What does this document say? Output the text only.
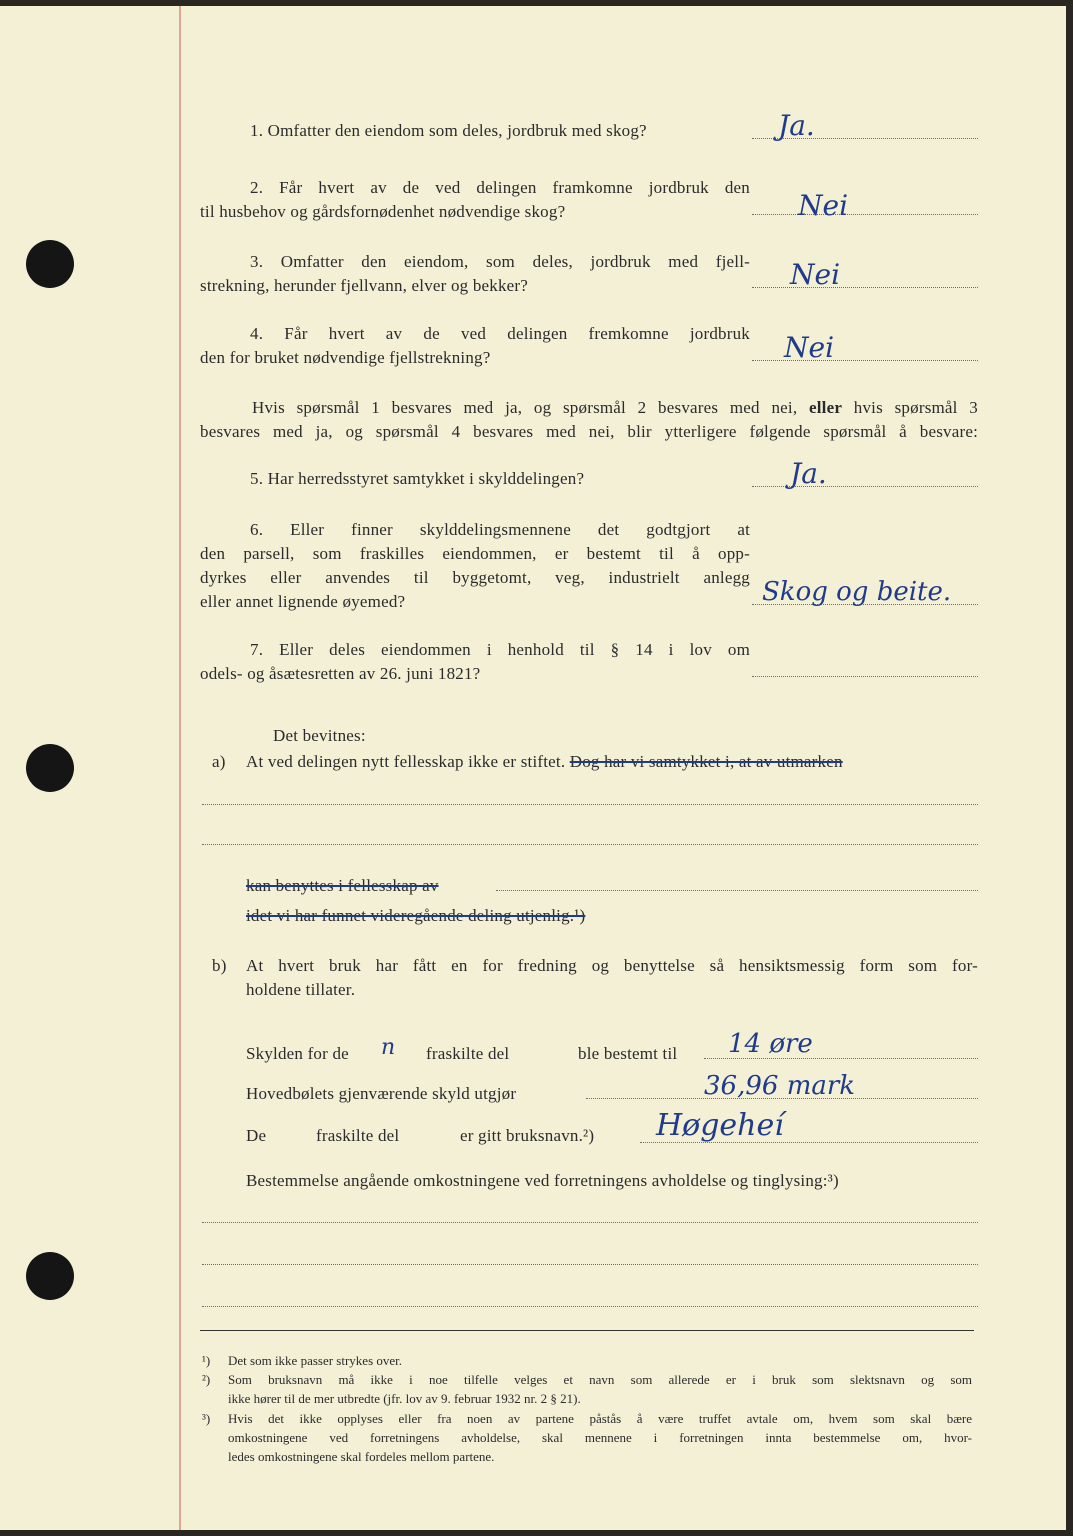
1. Omfatter den eiendom som deles, jordbruk med skog?	Ja.
2. Får hvert av de ved delingen framkomne jordbruk den
til husbehov og gårdsfornødenhet nødvendige skog?	Nei
3. Omfatter den eiendom, som deles, jordbruk med fjell-
strekning, herunder fjellvann, elver og bekker?	Nei
4. Får hvert av de ved delingen fremkomne jordbruk
den for bruket nødvendige fjellstrekning?	Nei
Hvis spørsmål 1 besvares med ja, og spørsmål 2 besvares med nei, eller hvis spørsmål 3
besvares med ja, og spørsmål 4 besvares med nei, blir ytterligere følgende spørsmål å besvare:
5. Har herredsstyret samtykket i skylddelingen?	Ja.
6. Eller finner skylddelingsmennene det godtgjort at
den parsell, som fraskilles eiendommen, er bestemt til å opp-
dyrkes eller anvendes til byggetomt, veg, industrielt anlegg
eller annet lignende øyemed?	Skog og beite.
7. Eller deles eiendommen i henhold til § 14 i lov om
odels- og åsætesretten av 26. juni 1821?
Det bevitnes:
a) At ved delingen nytt fellesskap ikke er stiftet. Dog har vi samtykket i, at av utmarken
kan benyttes i fellesskap av
idet vi har funnet videregående deling utjenlig.¹)
b) At hvert bruk har fått en for fredning og benyttelse så hensiktsmessig form som for-
holdene tillater.
Skylden for de n fraskilte del	ble bestemt til 14 øre
Hovedbølets gjenværende skyld utgjør	36,96 mark
De	fraskilte del	er gitt bruksnavn.²) Høgeheí
Bestemmelse angående omkostningene ved forretningens avholdelse og tinglysing:³)
¹) Det som ikke passer strykes over.
²) Som bruksnavn må ikke i noe tilfelle velges et navn som allerede er i bruk som slektsnavn og som
ikke hører til de mer utbredte (jfr. lov av 9. februar 1932 nr. 2 § 21).
³) Hvis det ikke opplyses eller fra noen av partene påstås å være truffet avtale om, hvem som skal bære
omkostningene ved forretningens avholdelse, skal mennene i forretningen innta bestemmelse om, hvor-
ledes omkostningene skal fordeles mellom partene.
